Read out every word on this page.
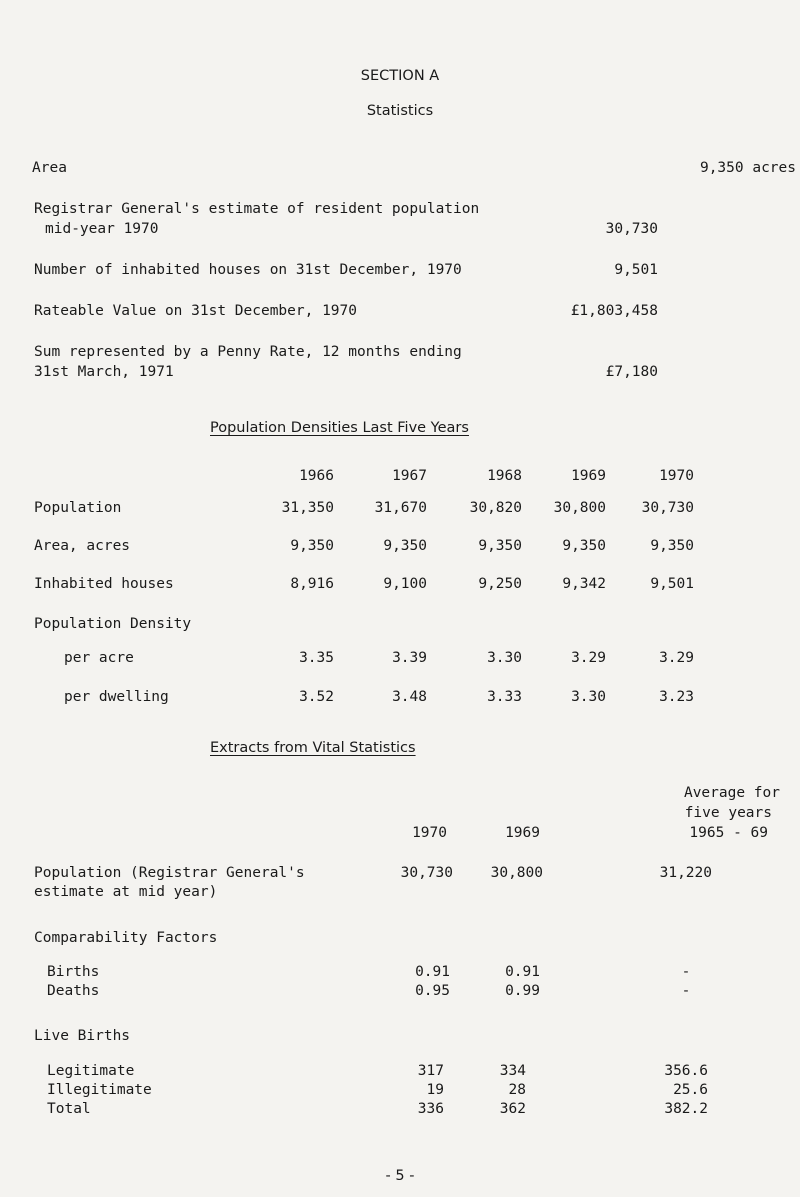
SECTION A
Statistics
Area	9,350 acres
Registrar General's estimate of resident population
mid-year 1970	30,730
Number of inhabited houses on 31st December, 1970	9,501
Rateable Value on 31st December, 1970	£1,803,458
Sum represented by a Penny Rate, 12 months ending
31st March, 1971	£7,180
Population Densities Last Five Years
1966	1967	1968	1969	1970
Population	31,350	31,670	30,820	30,800	30,730
Area, acres	9,350	9,350	9,350	9,350	9,350
Inhabited houses	8,916	9,100	9,250	9,342	9,501
Population Density
per acre	3.35	3.39	3.30	3.29	3.29
per dwelling	3.52	3.48	3.33	3.30	3.23
Extracts from Vital Statistics
Average for
five years
1965 - 69
1970	1969
Population (Registrar General's
estimate at mid year)
30,730	30,800	31,220
Comparability Factors
Births	0.91	0.91	-
Deaths	0.95	0.99	-
Live Births
Legitimate	317	334	356.6
Illegitimate	19	28	25.6
Total	336	362	382.2
- 5 -
